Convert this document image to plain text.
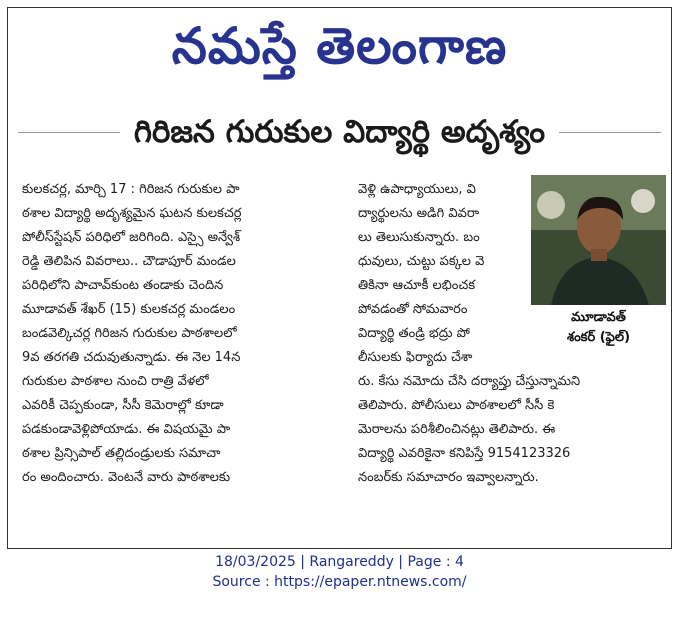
నమస్తే తెలంగాణ
గిరిజన గురుకుల విద్యార్థి అదృశ్యం
కులకచర్ల, మార్చి 17 : గిరిజన గురుకుల పా
ఠశాల విద్యార్థి అదృశ్యమైన ఘటన కులకచర్ల
పోలీస్‌స్టేషన్ పరిధిలో జరిగింది. ఎస్సై అన్వేశ్
రెడ్డి తెలిపిన వివరాలు.. చౌడాపూర్ మండల
పరిధిలోని పాచావ్‌కుంట తండాకు చెందిన
మూడావత్ శేఖర్ (15) కులకచర్ల మండలం
బండవెల్కిచర్ల గిరిజన గురుకుల పాఠశాలలో
9వ తరగతి చదువుతున్నాడు. ఈ నెల 14న
గురుకుల పాఠశాల నుంచి రాత్రి వేళలో
ఎవరికీ చెప్పకుండా, సీసీ కెమెరాల్లో కూడా
పడకుండావెళ్లిపోయాడు. ఈ విషయమై పా
ఠశాల ప్రిన్సిపాల్ తల్లిదండ్రులకు సమాచా
రం అందించారు. వెంటనే వారు పాఠశాలకు
వెళ్లి ఉపాధ్యాయులు, వి
ద్యార్థులను అడిగి వివరా
లు తెలుసుకున్నారు. బం
ధువులు, చుట్టు పక్కల వె
తికినా ఆచూకీ లభించక
పోవడంతో సోమవారం
విద్యార్థి తండ్రి భద్రు పో
లీసులకు ఫిర్యాదు చేశా
రు. కేసు నమోదు చేసి దర్యాప్తు చేస్తున్నామని
తెలిపారు. పోలీసులు పాఠశాలలో సీసీ కె
మెరాలను పరిశీలించినట్లు తెలిపారు. ఈ
విద్యార్థి ఎవరికైనా కనిపిస్తే 9154123326
నంబర్‌కు సమాచారం ఇవ్వాలన్నారు.
మూడావత్
శంకర్ (ఫైల్)
18/03/2025 | Rangareddy | Page : 4
Source : https://epaper.ntnews.com/
